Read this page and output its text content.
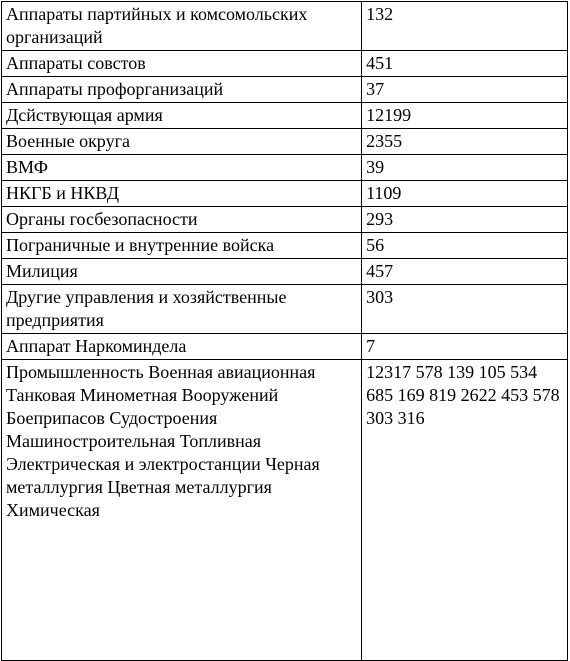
Аппараты партийных и комсомольских организаций	132
Аппараты совстов	451
Аппараты профорганизаций	37
Дсйствующая армия	12199
Военные округа	2355
ВМФ	39
НКГБ и НКВД	1109
Органы госбезопасности	293
Пограничные и внутренние войска	56
Милиция	457
Другие управления и хозяйственные предприятия	303
Аппарат Наркоминдела	7
Промышленность Военная авиационная Танковая Минометная Вооружений Боеприпасов Судостроения Машиностроительная Топливная Электрическая и электростанции Черная металлургия Цветная металлургия Химическая	12317 578 139 105 534 685 169 819 2622 453 578 303 316
